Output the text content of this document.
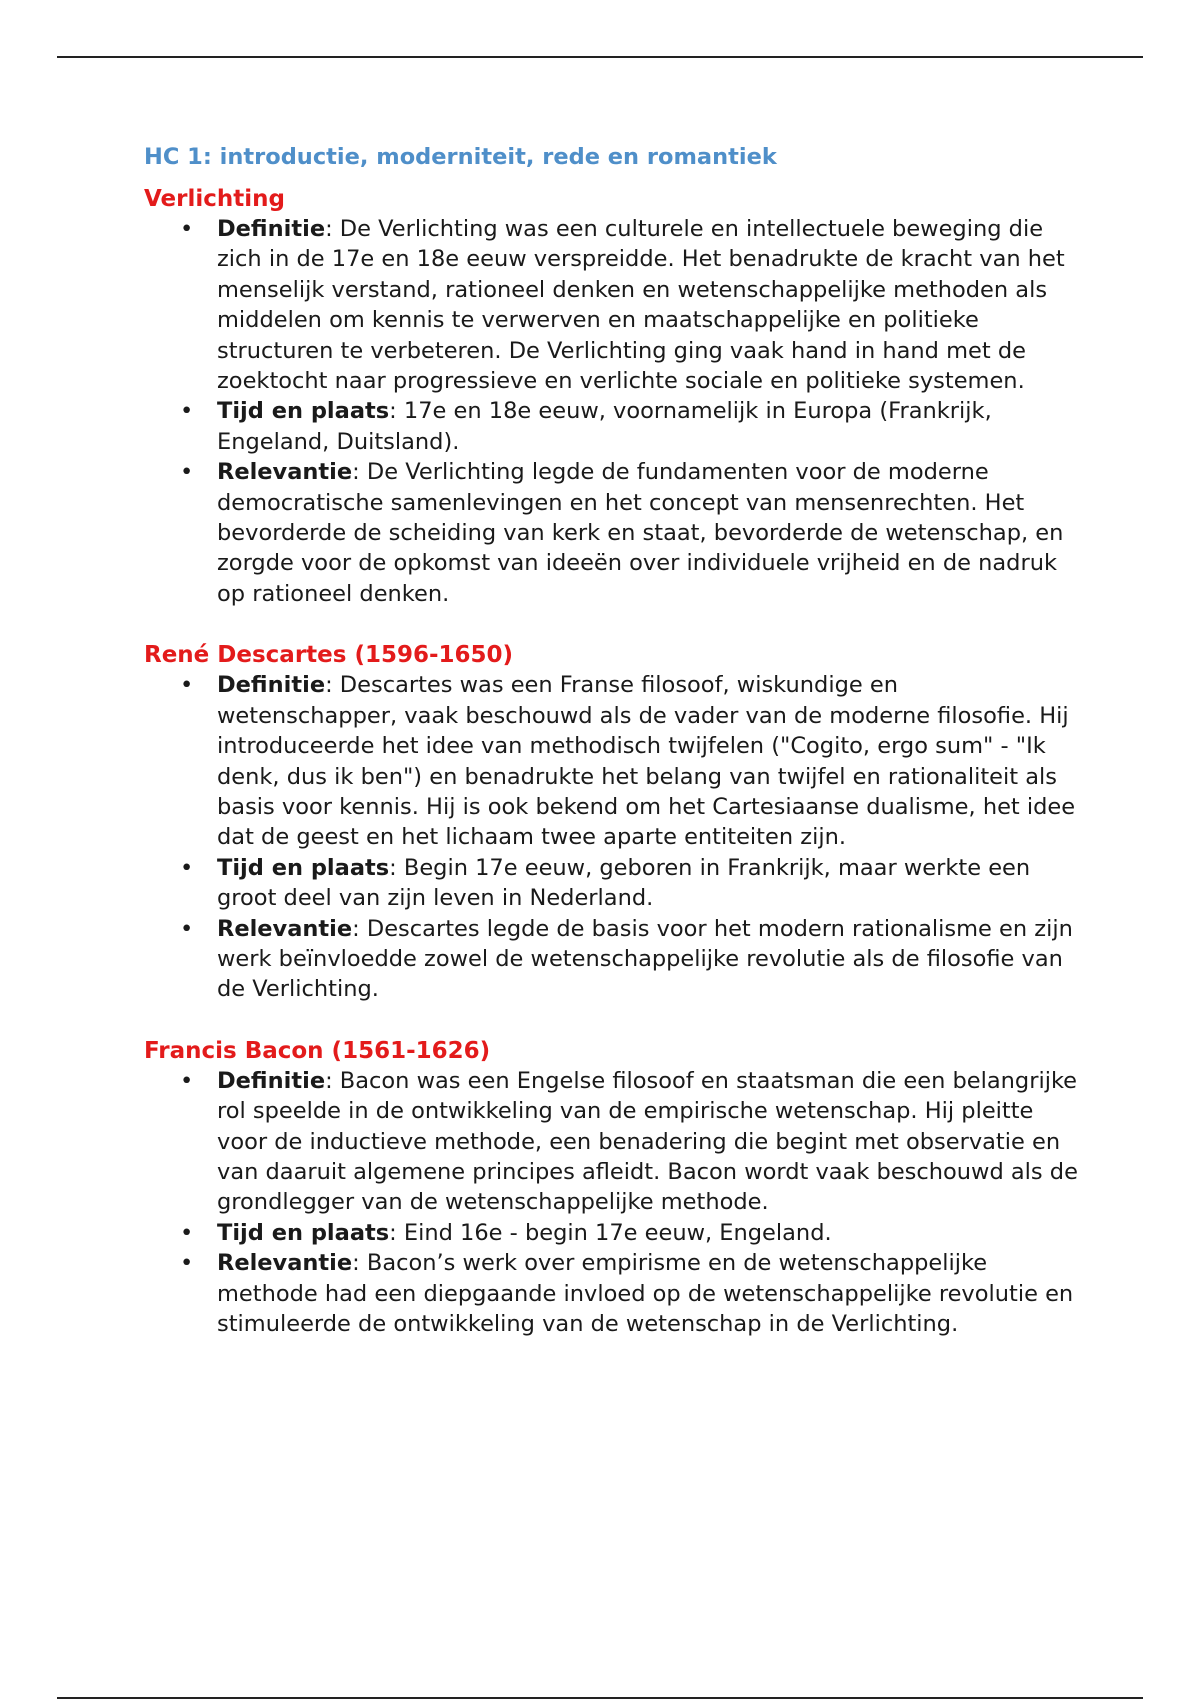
HC 1: introductie, moderniteit, rede en romantiek
Verlichting
• Definitie: De Verlichting was een culturele en intellectuele beweging die zich in de 17e en 18e eeuw verspreidde. Het benadrukte de kracht van het menselijk verstand, rationeel denken en wetenschappelijke methoden als middelen om kennis te verwerven en maatschappelijke en politieke structuren te verbeteren. De Verlichting ging vaak hand in hand met de zoektocht naar progressieve en verlichte sociale en politieke systemen.
• Tijd en plaats: 17e en 18e eeuw, voornamelijk in Europa (Frankrijk, Engeland, Duitsland).
• Relevantie: De Verlichting legde de fundamenten voor de moderne democratische samenlevingen en het concept van mensenrechten. Het bevorderde de scheiding van kerk en staat, bevorderde de wetenschap, en zorgde voor de opkomst van ideeën over individuele vrijheid en de nadruk op rationeel denken.
René Descartes (1596-1650)
• Definitie: Descartes was een Franse filosoof, wiskundige en wetenschapper, vaak beschouwd als de vader van de moderne filosofie. Hij introduceerde het idee van methodisch twijfelen ("Cogito, ergo sum" - "Ik denk, dus ik ben") en benadrukte het belang van twijfel en rationaliteit als basis voor kennis. Hij is ook bekend om het Cartesiaanse dualisme, het idee dat de geest en het lichaam twee aparte entiteiten zijn.
• Tijd en plaats: Begin 17e eeuw, geboren in Frankrijk, maar werkte een groot deel van zijn leven in Nederland.
• Relevantie: Descartes legde de basis voor het modern rationalisme en zijn werk beïnvloedde zowel de wetenschappelijke revolutie als de filosofie van de Verlichting.
Francis Bacon (1561-1626)
• Definitie: Bacon was een Engelse filosoof en staatsman die een belangrijke rol speelde in de ontwikkeling van de empirische wetenschap. Hij pleitte voor de inductieve methode, een benadering die begint met observatie en van daaruit algemene principes afleidt. Bacon wordt vaak beschouwd als de grondlegger van de wetenschappelijke methode.
• Tijd en plaats: Eind 16e - begin 17e eeuw, Engeland.
• Relevantie: Bacon’s werk over empirisme en de wetenschappelijke methode had een diepgaande invloed op de wetenschappelijke revolutie en stimuleerde de ontwikkeling van de wetenschap in de Verlichting.
